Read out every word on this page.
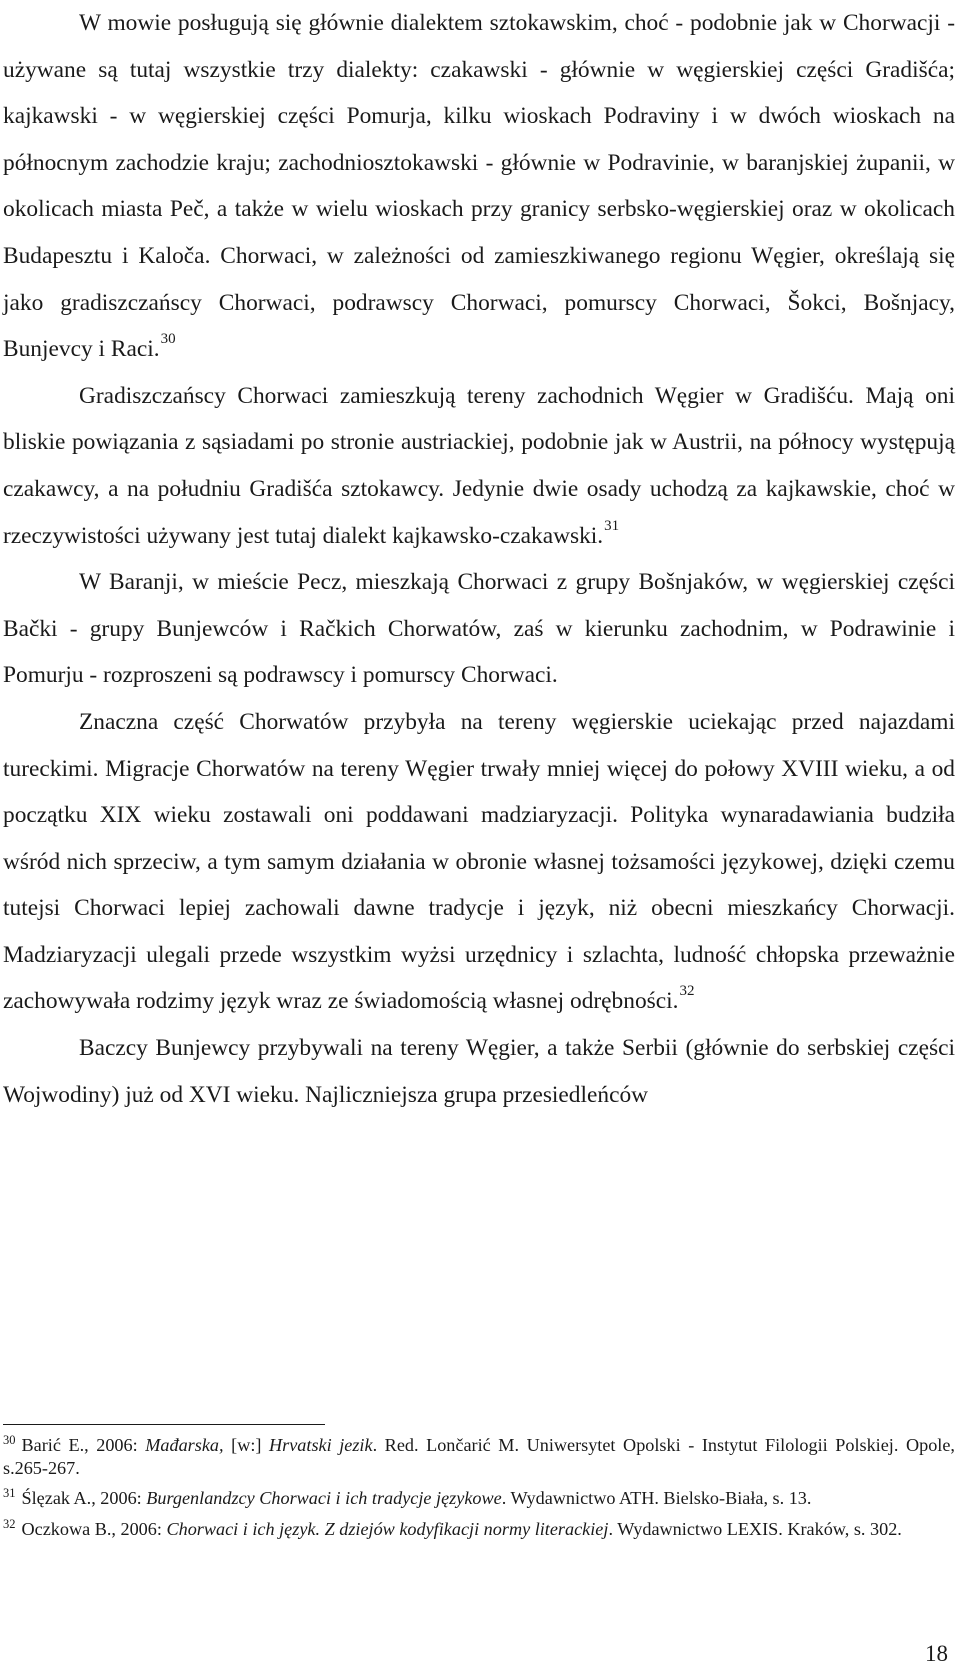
W mowie posługują się głównie dialektem sztokawskim, choć - podobnie jak w Chorwacji - używane są tutaj wszystkie trzy dialekty: czakawski - głównie w węgierskiej części Gradišća; kajkawski - w węgierskiej części Pomurja, kilku wioskach Podraviny i w dwóch wioskach na północnym zachodzie kraju; zachodniosztokawski - głównie w Podravinie, w baranjskiej żupanii, w okolicach miasta Peč, a także w wielu wioskach przy granicy serbsko-węgierskiej oraz w okolicach Budapesztu i Kaloča. Chorwaci, w zależności od zamieszkiwanego regionu Węgier, określają się jako gradiszczańscy Chorwaci, podrawscy Chorwaci, pomurscy Chorwaci, Šokci, Bošnjacy, Bunjevcy i Raci.$^{30}$

Gradiszczańscy Chorwaci zamieszkują tereny zachodnich Węgier w Gradišću. Mają oni bliskie powiązania z sąsiadami po stronie austriackiej, podobnie jak w Austrii, na północy występują czakawcy, a na południu Gradišća sztokawcy. Jedynie dwie osady uchodzą za kajkawskie, choć w rzeczywistości używany jest tutaj dialekt kajkawsko-czakawski.$^{31}$

W Baranji, w mieście Pecz, mieszkają Chorwaci z grupy Bošnjaków, w węgierskiej części Bački - grupy Bunjewców i Račkich Chorwatów, zaś w kierunku zachodnim, w Podrawinie i Pomurju - rozproszeni są podrawscy i pomurscy Chorwaci.

Znaczna część Chorwatów przybyła na tereny węgierskie uciekając przed najazdami tureckimi. Migracje Chorwatów na tereny Węgier trwały mniej więcej do połowy XVIII wieku, a od początku XIX wieku zostawali oni poddawani madziaryzacji. Polityka wynaradawiania budziła wśród nich sprzeciw, a tym samym działania w obronie własnej tożsamości językowej, dzięki czemu tutejsi Chorwaci lepiej zachowali dawne tradycje i język, niż obecni mieszkańcy Chorwacji. Madziaryzacji ulegali przede wszystkim wyżsi urzędnicy i szlachta, ludność chłopska przeważnie zachowywała rodzimy język wraz ze świadomością własnej odrębności.$^{32}$

Baczcy Bunjewcy przybywali na tereny Węgier, a także Serbii (głównie do serbskiej części Wojwodiny) już od XVI wieku. Najliczniejsza grupa przesiedleńców

$^{30}$ Barić E., 2006: Mađarska, [w:] Hrvatski jezik. Red. Lončarić M. Uniwersytet Opolski - Instytut Filologii Polskiej. Opole, s.265-267.

$^{31}$ Ślęzak A., 2006: Burgenlandzcy Chorwaci i ich tradycje językowe. Wydawnictwo ATH. Bielsko-Biała, s. 13.

$^{32}$ Oczkowa B., 2006: Chorwaci i ich język. Z dziejów kodyfikacji normy literackiej. Wydawnictwo LEXIS. Kraków, s. 302.

18
